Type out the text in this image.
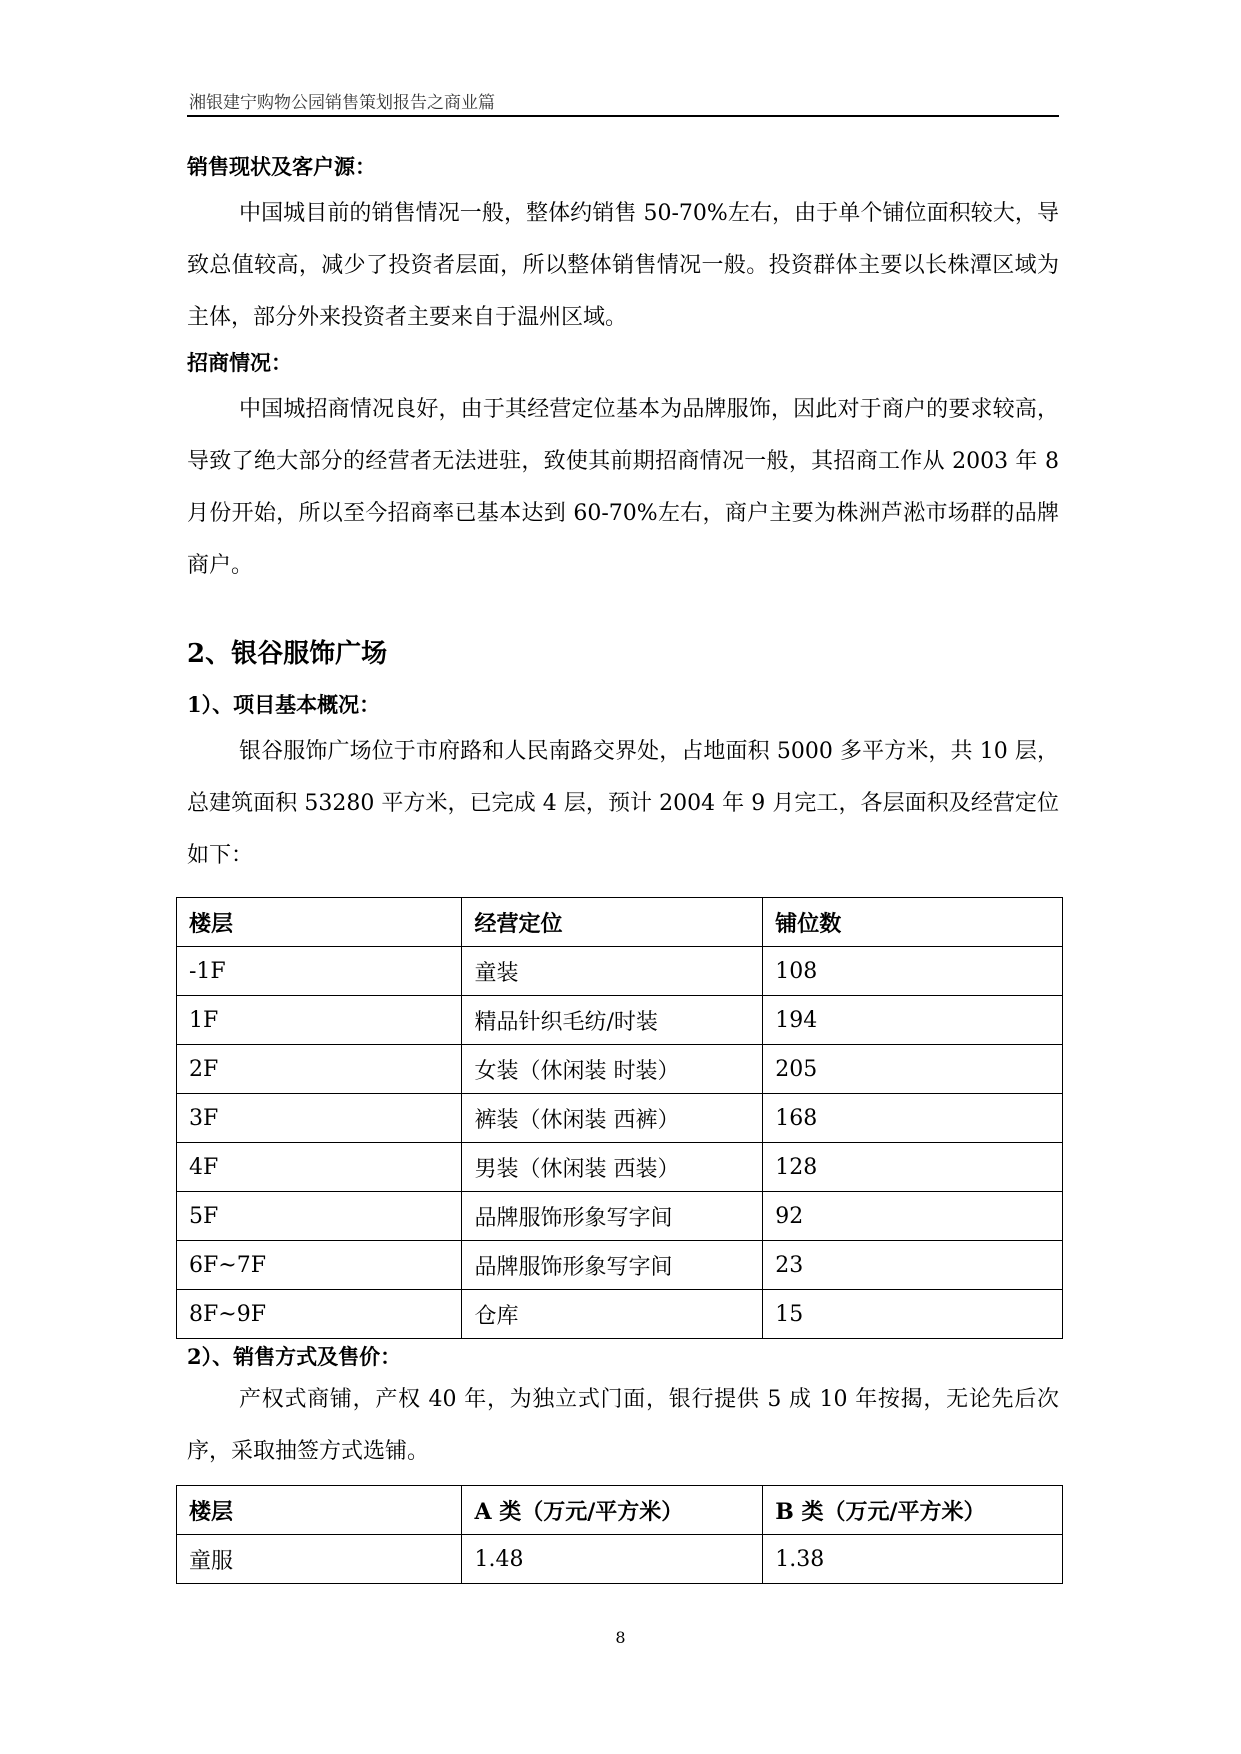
湘银建宁购物公园销售策划报告之商业篇
销售现状及客户源：
中国城目前的销售情况一般，整体约销售 50-70%左右，由于单个铺位面积较大，导致总值较高，减少了投资者层面，所以整体销售情况一般。投资群体主要以长株潭区域为主体，部分外来投资者主要来自于温州区域。
招商情况：
中国城招商情况良好，由于其经营定位基本为品牌服饰，因此对于商户的要求较高，导致了绝大部分的经营者无法进驻，致使其前期招商情况一般，其招商工作从 2003 年 8 月份开始，所以至今招商率已基本达到 60-70%左右，商户主要为株洲芦淞市场群的品牌商户。
2、银谷服饰广场
1）、项目基本概况：
银谷服饰广场位于市府路和人民南路交界处，占地面积 5000 多平方米，共 10 层，总建筑面积 53280 平方米，已完成 4 层，预计 2004 年 9 月完工，各层面积及经营定位如下：
楼层	经营定位	铺位数
-1F	童装	108
1F	精品针织毛纺/时装	194
2F	女装（休闲装 时装）	205
3F	裤装（休闲装 西裤）	168
4F	男装（休闲装 西装）	128
5F	品牌服饰形象写字间	92
6F~7F	品牌服饰形象写字间	23
8F~9F	仓库	15
2）、销售方式及售价：
产权式商铺，产权 40 年，为独立式门面，银行提供 5 成 10 年按揭，无论先后次序，采取抽签方式选铺。
楼层	A 类（万元/平方米）	B 类（万元/平方米）
童服	1.48	1.38
8
